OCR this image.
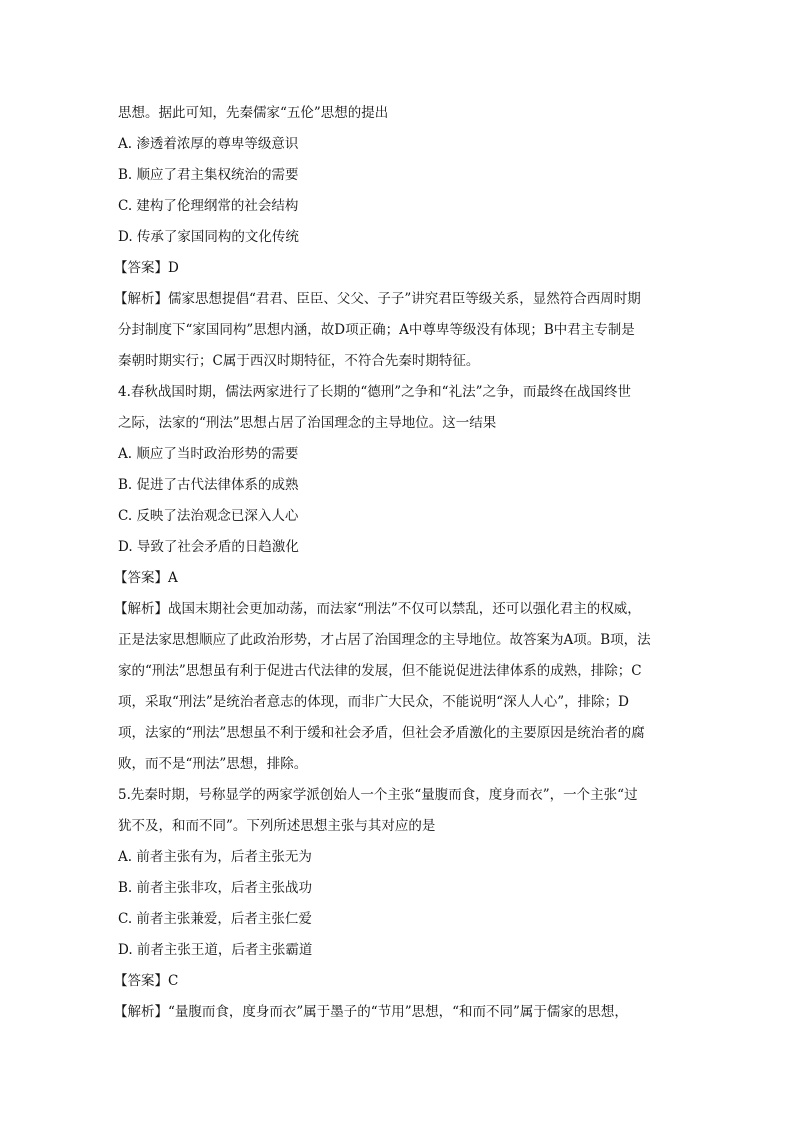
思想。据此可知，先秦儒家“五伦”思想的提出
A. 渗透着浓厚的尊卑等级意识
B. 顺应了君主集权统治的需要
C. 建构了伦理纲常的社会结构
D. 传承了家国同构的文化传统
【答案】D
【解析】儒家思想提倡“君君、臣臣、父父、子子”讲究君臣等级关系，显然符合西周时期
分封制度下“家国同构”思想内涵，故D项正确；A中尊卑等级没有体现；B中君主专制是
秦朝时期实行；C属于西汉时期特征，不符合先秦时期特征。
4.春秋战国时期，儒法两家进行了长期的“德刑”之争和“礼法”之争，而最终在战国终世
之际，法家的“刑法”思想占居了治国理念的主导地位。这一结果
A. 顺应了当时政治形势的需要
B. 促进了古代法律体系的成熟
C. 反映了法治观念已深入人心
D. 导致了社会矛盾的日趋激化
【答案】A
【解析】战国末期社会更加动荡，而法家“刑法”不仅可以禁乱，还可以强化君主的权威，
正是法家思想顺应了此政治形势，才占居了治国理念的主导地位。故答案为A项。B项，法
家的“刑法”思想虽有利于促进古代法律的发展，但不能说促进法律体系的成熟，排除；C
项，采取“刑法”是统治者意志的体现，而非广大民众，不能说明“深人人心”，排除；D
项，法家的“刑法”思想虽不利于缓和社会矛盾，但社会矛盾激化的主要原因是统治者的腐
败，而不是“刑法”思想，排除。
5.先秦时期，号称显学的两家学派创始人一个主张“量腹而食，度身而衣”，一个主张“过
犹不及，和而不同”。下列所述思想主张与其对应的是
A. 前者主张有为，后者主张无为
B. 前者主张非攻，后者主张战功
C. 前者主张兼爱，后者主张仁爱
D. 前者主张王道，后者主张霸道
【答案】C
【解析】“量腹而食，度身而衣”属于墨子的“节用”思想，“和而不同”属于儒家的思想，
